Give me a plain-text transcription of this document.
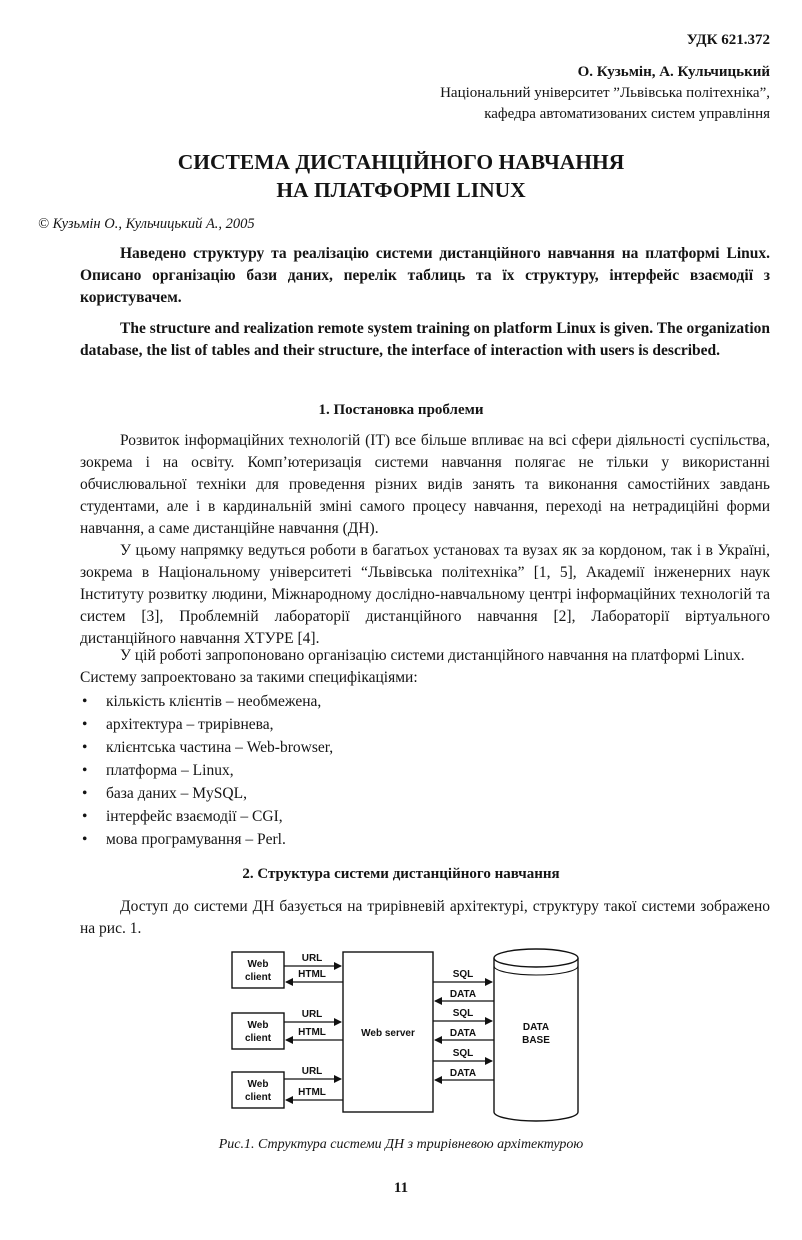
УДК 621.372
О. Кузьмін, А. Кульчицький
Національний університет ”Львівська політехніка”,
кафедра автоматизованих систем управління
СИСТЕМА ДИСТАНЦІЙНОГО НАВЧАННЯ
НА ПЛАТФОРМІ LINUX
© Кузьмін О., Кульчицький А., 2005

Наведено структуру та реалізацію системи дистанційного навчання на платформі Linux. Описано організацію бази даних, перелік таблиць та їх структуру, інтерфейс взаємодії з користувачем.

The structure and realization remote system training on platform Linux is given. The organization database, the list of tables and their structure, the interface of interaction with users is described.

1. Постановка проблеми

Розвиток інформаційних технологій (ІТ) все більше впливає на всі сфери діяльності суспільства, зокрема і на освіту. Комп’ютеризація системи навчання полягає не тільки у використанні обчислювальної техніки для проведення різних видів занять та виконання самостійних завдань студентами, але і в кардинальній зміні самого процесу навчання, переході на нетрадиційні форми навчання, а саме дистанційне навчання (ДН).

У цьому напрямку ведуться роботи в багатьох установах та вузах як за кордоном, так і в Україні, зокрема в Національному університеті “Львівська політехніка” [1, 5], Академії інженерних наук Інституту розвитку людини, Міжнародному дослідно-навчальному центрі інформаційних технологій та систем [3], Проблемній лабораторії дистанційного навчання [2], Лабораторії віртуального дистанційного навчання ХТУРЕ [4].

У цій роботі запропоновано організацію системи дистанційного навчання на платформі Linux.

Систему запроектовано за такими специфікаціями:

• кількість клієнтів – необмежена,
• архітектура – трирівнева,
• клієнтська частина – Web-browser,
• платформа – Linux,
• база даних – MySQL,
• інтерфейс взаємодії – CGI,
• мова програмування – Perl.
2. Структура системи дистанційного навчання

Доступ до системи ДН базується на трирівневій архітектурі, структуру такої системи зображено на рис. 1.

Web
client
URL
HTML
Web
client
URL
HTML
Web
client
URL
HTML
Web server
SQL
DATA
SQL
DATA
SQL
DATA
DATA
BASE
Рис.1. Структура системи ДН з трирівневою архітектурою
11
